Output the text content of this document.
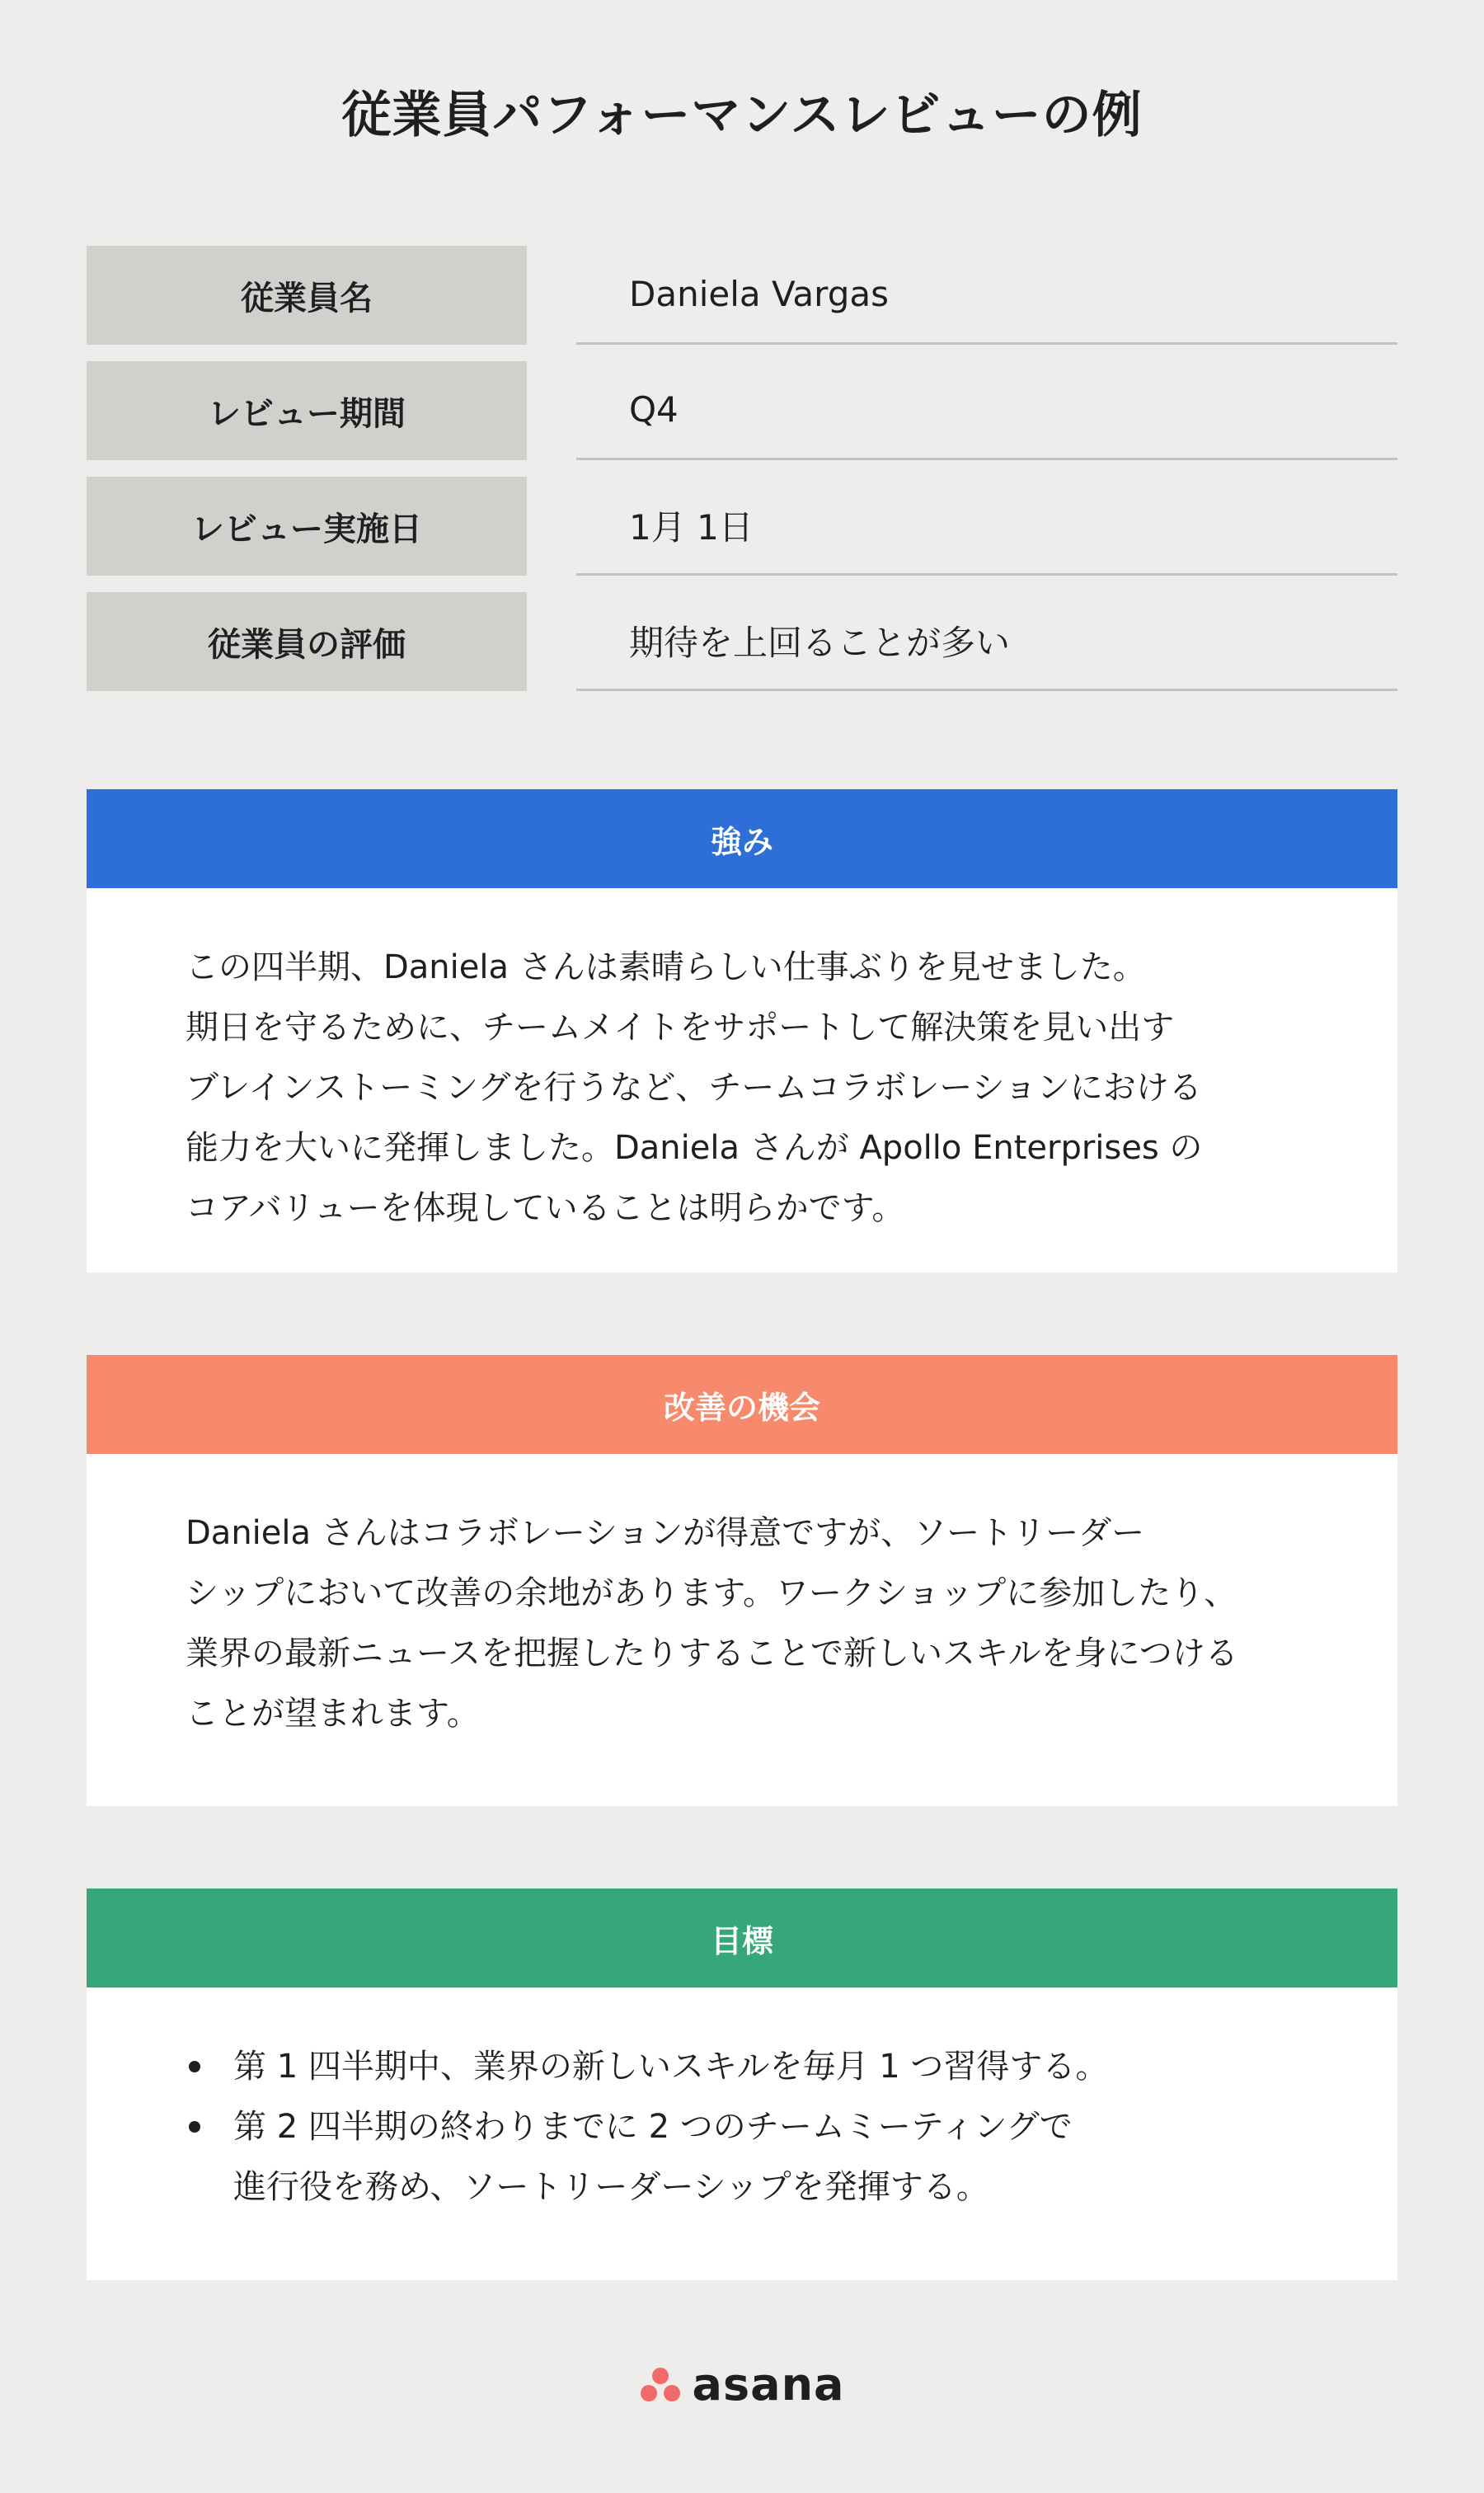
従業員パフォーマンスレビューの例
従業員名	Daniela Vargas
レビュー期間	Q4
レビュー実施日	1月 1日
従業員の評価	期待を上回ることが多い
強み

この四半期、Daniela さんは素晴らしい仕事ぶりを見せました。
期日を守るために、チームメイトをサポートして解決策を見い出す
ブレインストーミングを行うなど、チームコラボレーションにおける
能力を大いに発揮しました。Daniela さんが Apollo Enterprises の
コアバリューを体現していることは明らかです。

改善の機会

Daniela さんはコラボレーションが得意ですが、ソートリーダー
シップにおいて改善の余地があります。ワークショップに参加したり、
業界の最新ニュースを把握したりすることで新しいスキルを身につける
ことが望まれます。

目標
第 1 四半期中、業界の新しいスキルを毎月 1 つ習得する。
第 2 四半期の終わりまでに 2 つのチームミーティングで
進行役を務め、ソートリーダーシップを発揮する。
asana
